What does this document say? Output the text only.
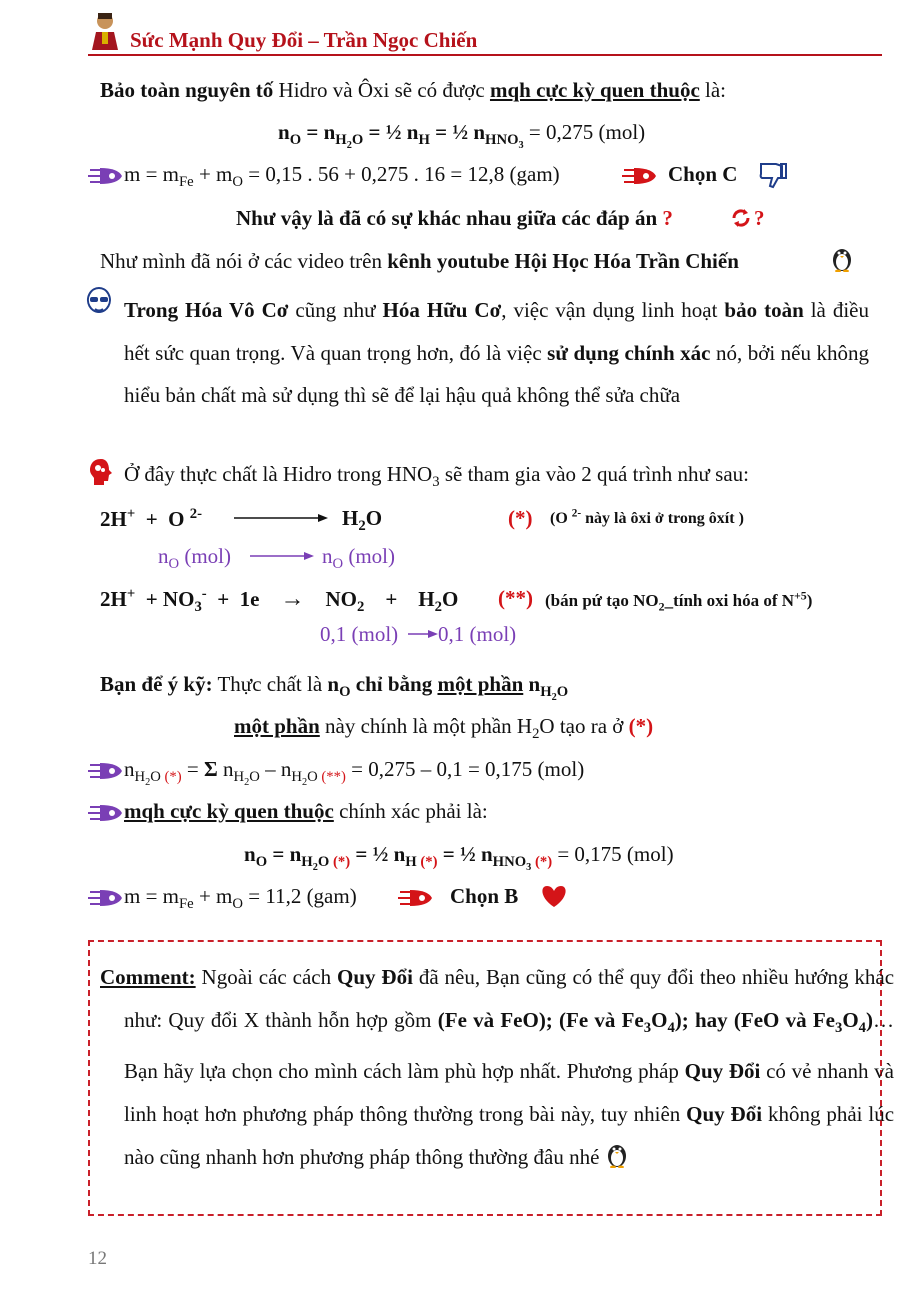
Sức Mạnh Quy Đổi – Trần Ngọc Chiến
Bảo toàn nguyên tố Hidro và Ôxi sẽ có được mqh cực kỳ quen thuộc là:
$n_O = n_{H_2O}$ = ½ $n_H$ = ½ $n_{HNO_3} = 0,275$ (mol)
$m = m_{Fe} + m_O = 0,15$ . 56 + 0,275 . 16 = 12,8 (gam)	Chọn C
Như vậy là đã có sự khác nhau giữa các đáp án ?	?
Như mình đã nói ở các video trên kênh youtube Hội Học Hóa Trần Chiến
Trong Hóa Vô Cơ cũng như Hóa Hữu Cơ, việc vận dụng linh hoạt bảo toàn là điều hết sức quan trọng. Và quan trọng hơn, đó là việc sử dụng chính xác nó, bởi nếu không hiểu bản chất mà sử dụng thì sẽ để lại hậu quả không thể sửa chữa
Ở đây thực chất là Hidro trong $HNO_3$ sẽ tham gia vào 2 quá trình như sau:
2H+  +  O $^{2-}$	$H_2O$	(*) (O $^{2-}$ này là ôxi ở trong ôxít )
$n_O$ (mol)	$n_O$ (mol)
$2H^+ + NO_3^- + 1e$    →    $NO_2$    +    $H_2O$ (**) (bán pứ tạo $NO_2\_tính$ oxi hóa of $N^{+5}$)
0,1 (mol) 0,1 (mol)
Bạn để ý kỹ: Thực chất là $n_O$ chỉ bằng một phần $n_{H_2O}$
một phần này chính là một phần $H_2O$ tạo ra ở (*)
$n_{H_2O (*)} = \Sigma$ $n_{H_2O} - n_{H_2O (**)} = 0,275 - 0,1 = 0,175$ (mol)
mqh cực kỳ quen thuộc chính xác phải là:
$n_O = n_{H_2O (*)}$ = ½ $n_{H (*)}$ = ½ $n_{HNO_3 (*)} = 0,175$ (mol)
$m = m_{Fe} + m_O = 11,2$ (gam)	Chọn B
Comment: Ngoài các cách Quy Đổi đã nêu, Bạn cũng có thể quy đổi theo nhiều hướng khác như: Quy đổi X thành hỗn hợp gồm (Fe và FeO); (Fe và $Fe_3O_4$); hay (FeO và $Fe_3O_4)\dots$ Bạn hãy lựa chọn cho mình cách làm phù hợp nhất. Phương pháp Quy Đổi có vẻ nhanh và linh hoạt hơn phương pháp thông thường trong bài này, tuy nhiên Quy Đổi không phải lúc nào cũng nhanh hơn phương pháp thông thường đâu nhé
12
